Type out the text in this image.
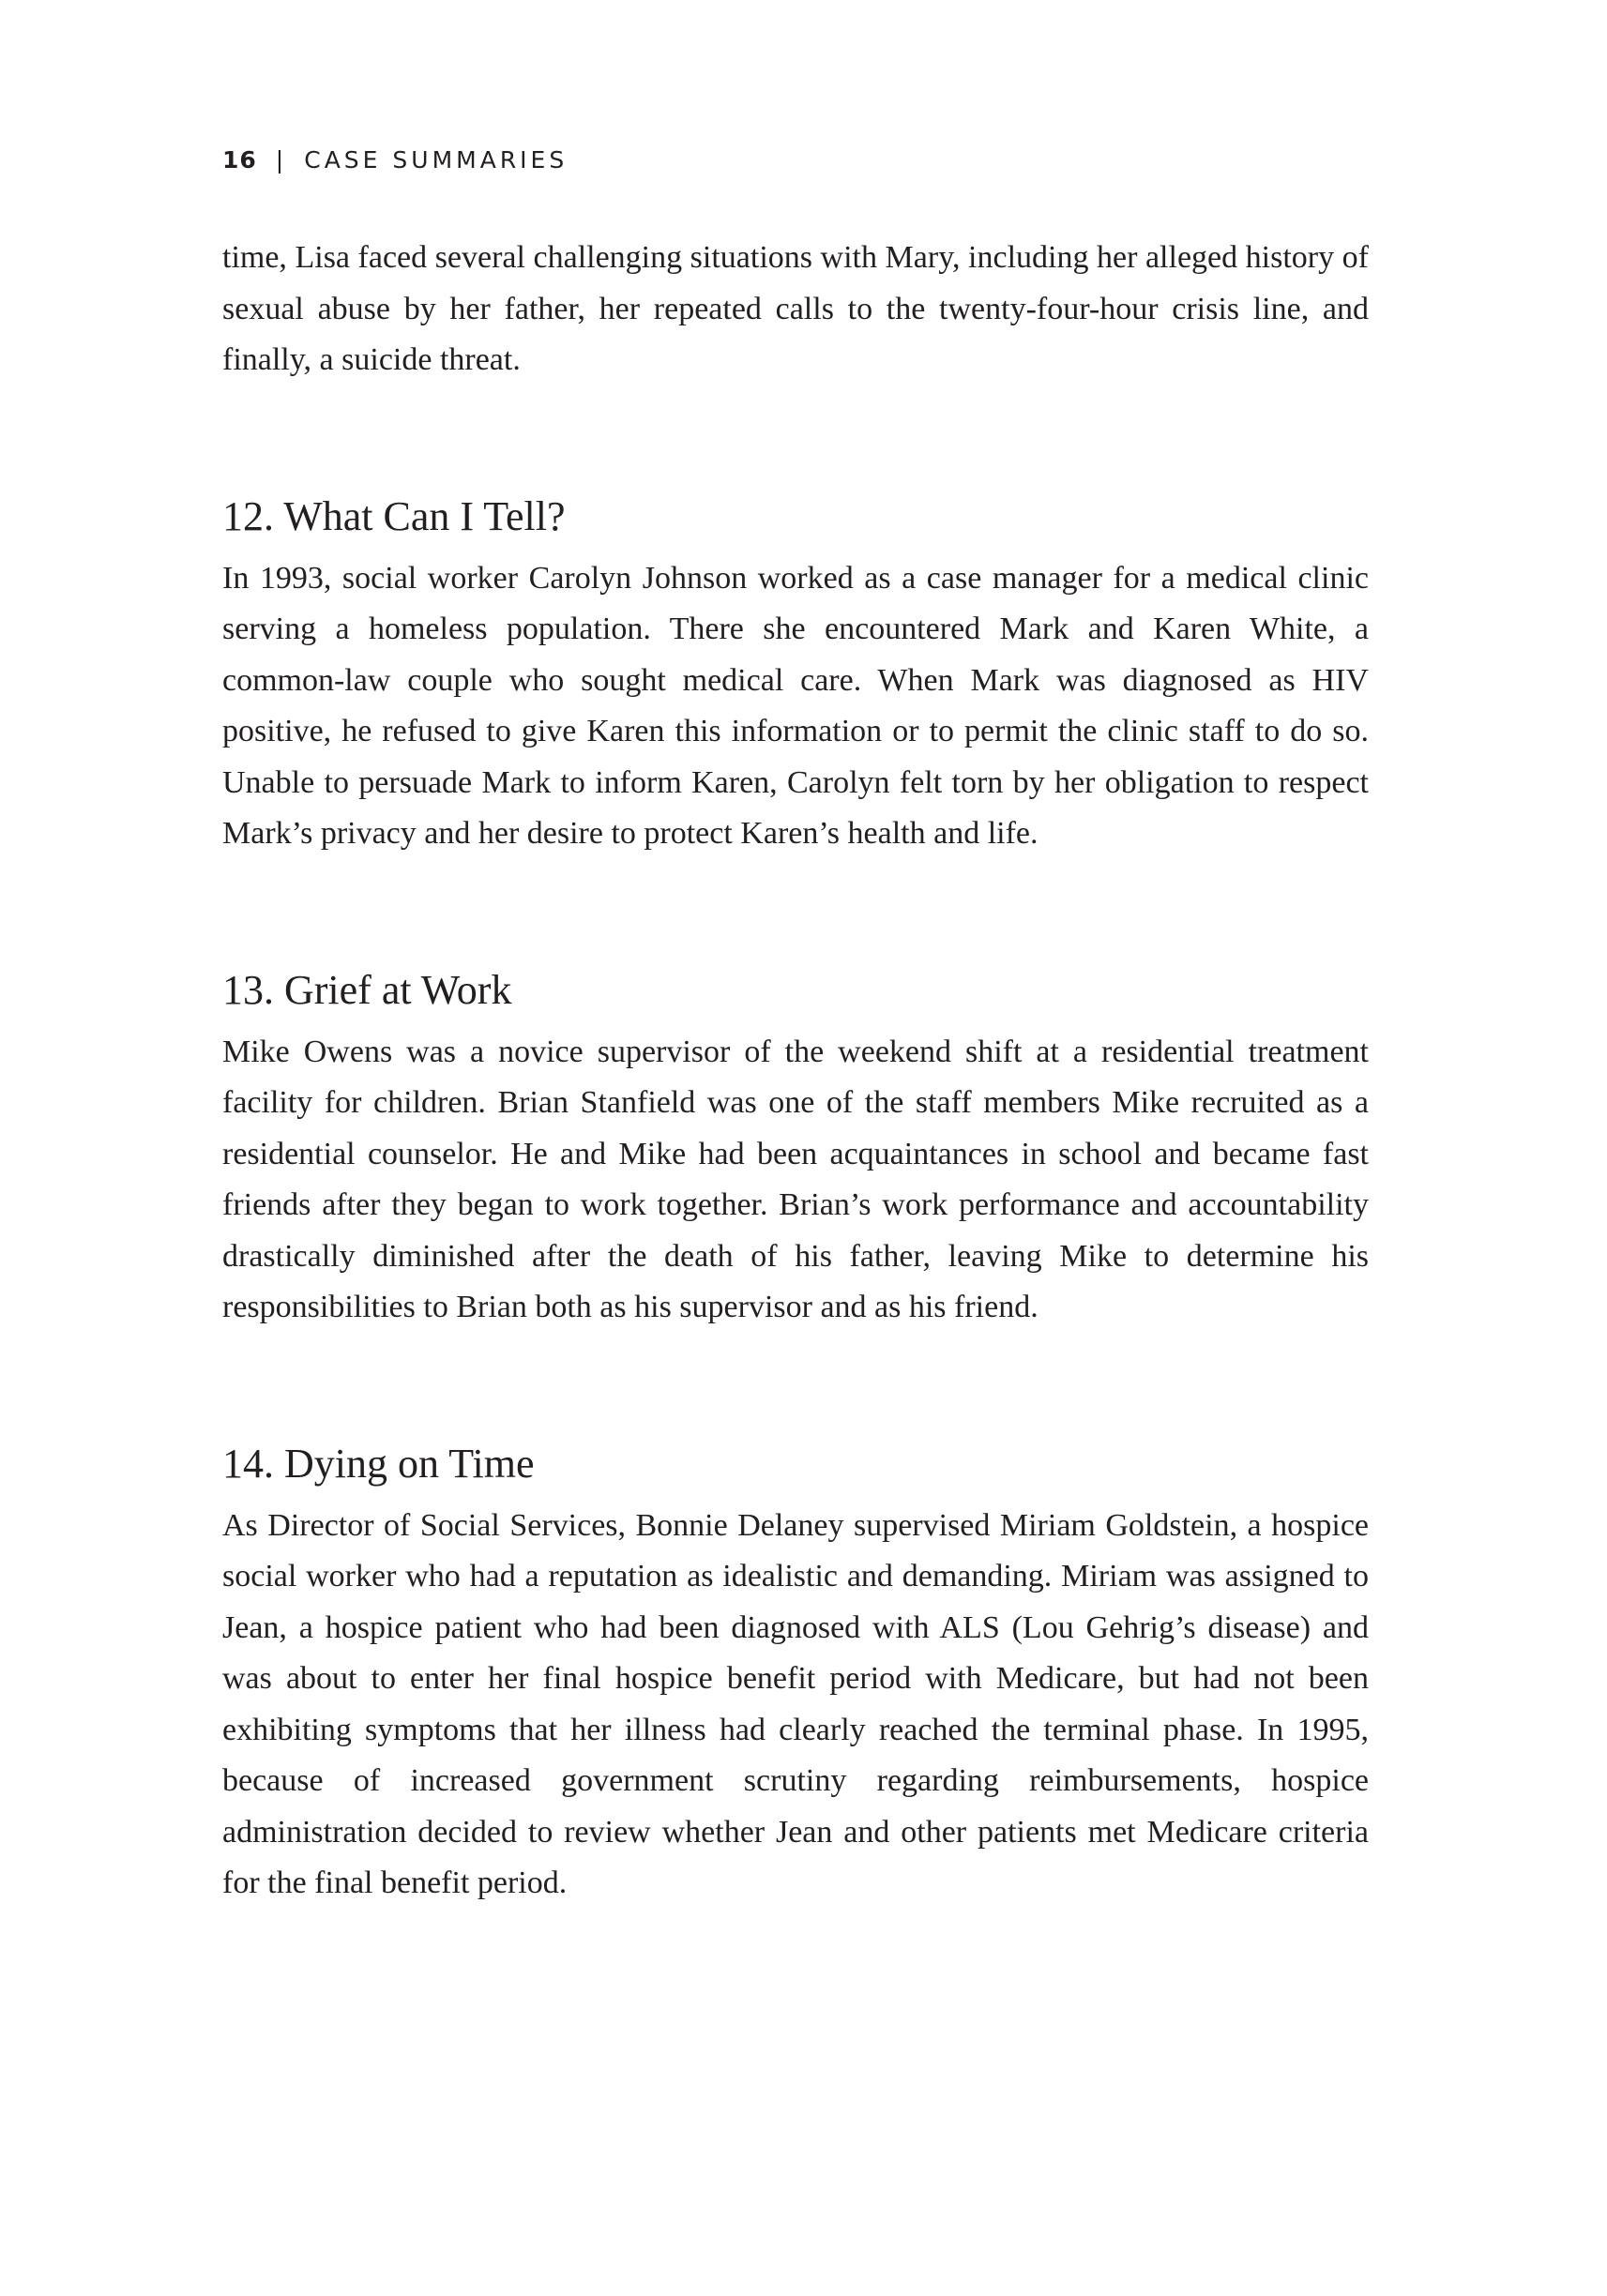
16 | CASE SUMMARIES

time, Lisa faced several challenging situations with Mary, including her alleged history of sexual abuse by her father, her repeated calls to the twenty-​four-hour crisis line, and finally, a suicide threat.

12. What Can I Tell?

In 1993, social worker Carolyn Johnson worked as a case manager for a medical clinic serving a homeless population. There she encountered Mark and Karen White, a common-law couple who sought medical care. When Mark was diagnosed as HIV positive, he refused to give Karen this information or to permit the clinic staff to do so. Unable to persuade Mark to inform Karen, Carolyn felt torn by her obligation to respect Mark’s privacy and her desire to protect Karen’s health and life.

13. Grief at Work

Mike Owens was a novice supervisor of the weekend shift at a residential treatment facility for children. Brian Stanfield was one of the staff members Mike recruited as a residential counselor. He and Mike had been acquaintances in school and became fast friends after they began to work together. Brian’s work performance and accountability drastically diminished after the death of his father, leaving Mike to determine his responsibilities to Brian both as his supervisor and as his friend.

14. Dying on Time

As Director of Social Services, Bonnie Delaney supervised Miriam Goldstein, a hospice social worker who had a reputation as idealistic and demanding. Miriam was assigned to Jean, a hospice patient who had been diagnosed with ALS (Lou Gehrig’s disease) and was about to enter her final hospice benefit period with Medicare, but had not been exhibiting symptoms that her illness had clearly reached the terminal phase. In 1995, because of increased government scrutiny regarding reimbursements, hospice administration decided to review whether Jean and other patients met Medicare criteria for the final benefit period.
